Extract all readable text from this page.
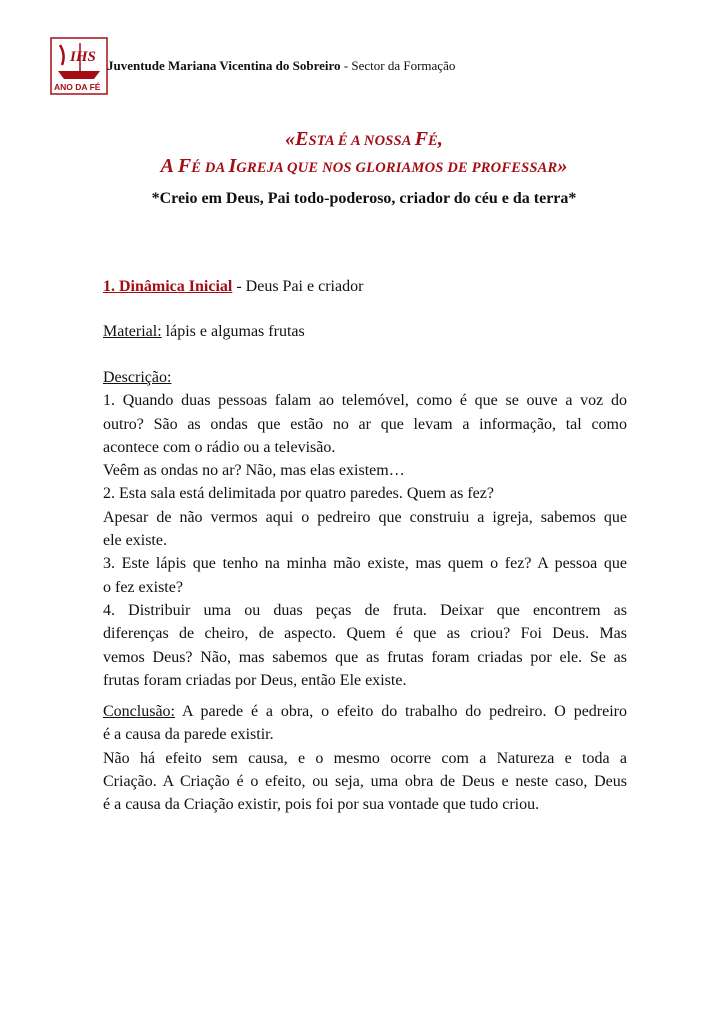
IHS
ANO DA FÉ
Juventude Mariana Vicentina do Sobreiro - Sector da Formação
«ESTA É A NOSSA FÉ,
A FÉ DA IGREJA QUE NOS GLORIAMOS DE PROFESSAR»
*Creio em Deus, Pai todo-poderoso, criador do céu e da terra*
1. Dinâmica Inicial - Deus Pai e criador
Material: lápis e algumas frutas
Descrição:
1. Quando duas pessoas falam ao telemóvel, como é que se ouve a voz do
outro? São as ondas que estão no ar que levam a informação, tal como
acontece com o rádio ou a televisão.
Veêm as ondas no ar? Não, mas elas existem…
2. Esta sala está delimitada por quatro paredes. Quem as fez?
Apesar de não vermos aqui o pedreiro que construiu a igreja, sabemos que
ele existe.
3. Este lápis que tenho na minha mão existe, mas quem o fez? A pessoa que
o fez existe?
4. Distribuir uma ou duas peças de fruta. Deixar que encontrem as
diferenças de cheiro, de aspecto. Quem é que as criou? Foi Deus. Mas
vemos Deus? Não, mas sabemos que as frutas foram criadas por ele. Se as
frutas foram criadas por Deus, então Ele existe.
Conclusão: A parede é a obra, o efeito do trabalho do pedreiro. O pedreiro
é a causa da parede existir.
Não há efeito sem causa, e o mesmo ocorre com a Natureza e toda a
Criação. A Criação é o efeito, ou seja, uma obra de Deus e neste caso, Deus
é a causa da Criação existir, pois foi por sua vontade que tudo criou.
